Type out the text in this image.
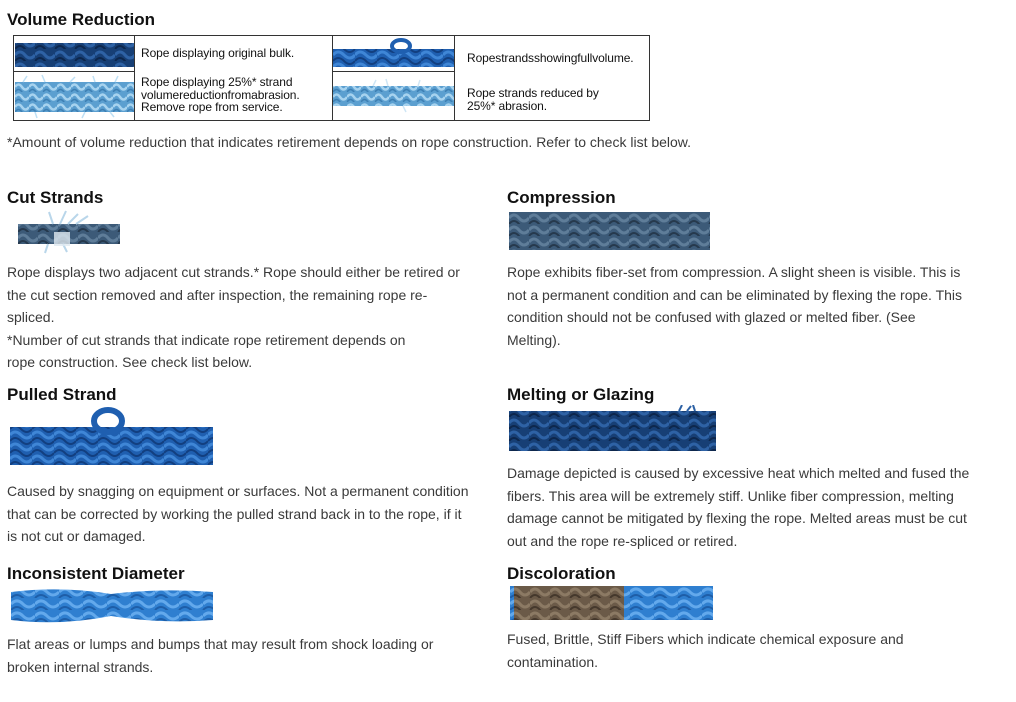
Volume Reduction
Rope displaying original bulk.
Rope displaying 25%* strand
volumereductionfromabrasion.
Remove rope from service.
Ropestrandsshowingfullvolume.
Rope strands reduced by
25%* abrasion.
*Amount of volume reduction that indicates retirement depends on rope construction. Refer to check list below.
Cut Strands
Rope displays two adjacent cut strands.* Rope should either be retired or
the cut section removed and after inspection, the remaining rope re-
spliced.
*Number of cut strands that indicate rope retirement depends on
rope construction. See check list below.
Compression
Rope exhibits fiber-set from compression. A slight sheen is visible. This is
not a permanent condition and can be eliminated by flexing the rope. This
condition should not be confused with glazed or melted fiber. (See
Melting).
Pulled Strand
Caused by snagging on equipment or surfaces. Not a permanent condition
that can be corrected by working the pulled strand back in to the rope, if it
is not cut or damaged.
Melting or Glazing
Damage depicted is caused by excessive heat which melted and fused the
fibers. This area will be extremely stiff. Unlike fiber compression, melting
damage cannot be mitigated by flexing the rope. Melted areas must be cut
out and the rope re-spliced or retired.
Inconsistent Diameter
Flat areas or lumps and bumps that may result from shock loading or
broken internal strands.
Discoloration
Fused, Brittle, Stiff Fibers which indicate chemical exposure and
contamination.
